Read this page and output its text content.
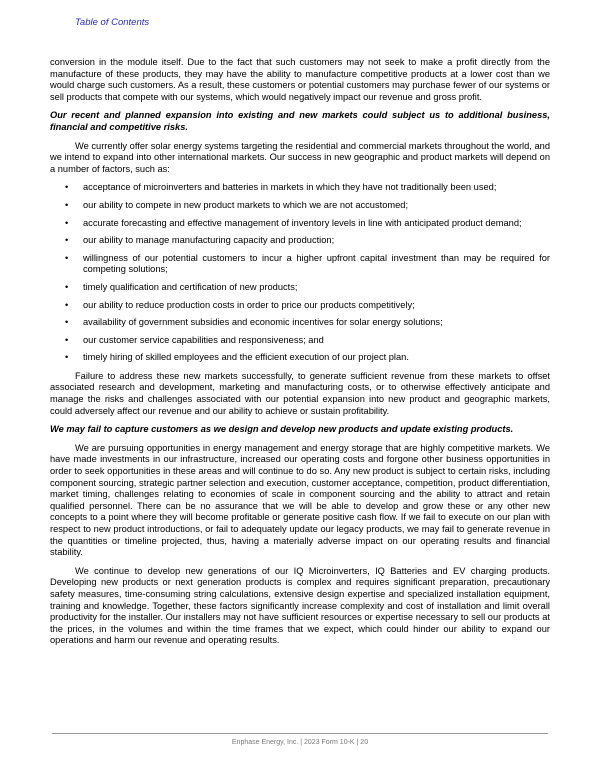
Table of Contents

conversion in the module itself. Due to the fact that such customers may not seek to make a profit directly from the manufacture of these products, they may have the ability to manufacture competitive products at a lower cost than we would charge such customers. As a result, these customers or potential customers may purchase fewer of our systems or sell products that compete with our systems, which would negatively impact our revenue and gross profit.

Our recent and planned expansion into existing and new markets could subject us to additional business, financial and competitive risks.

We currently offer solar energy systems targeting the residential and commercial markets throughout the world, and we intend to expand into other international markets. Our success in new geographic and product markets will depend on a number of factors, such as:

• acceptance of microinverters and batteries in markets in which they have not traditionally been used;
• our ability to compete in new product markets to which we are not accustomed;
• accurate forecasting and effective management of inventory levels in line with anticipated product demand;
• our ability to manage manufacturing capacity and production;
• willingness of our potential customers to incur a higher upfront capital investment than may be required for competing solutions;
• timely qualification and certification of new products;
• our ability to reduce production costs in order to price our products competitively;
• availability of government subsidies and economic incentives for solar energy solutions;
• our customer service capabilities and responsiveness; and
• timely hiring of skilled employees and the efficient execution of our project plan.

Failure to address these new markets successfully, to generate sufficient revenue from these markets to offset associated research and development, marketing and manufacturing costs, or to otherwise effectively anticipate and manage the risks and challenges associated with our potential expansion into new product and geographic markets, could adversely affect our revenue and our ability to achieve or sustain profitability.

We may fail to capture customers as we design and develop new products and update existing products.

We are pursuing opportunities in energy management and energy storage that are highly competitive markets. We have made investments in our infrastructure, increased our operating costs and forgone other business opportunities in order to seek opportunities in these areas and will continue to do so. Any new product is subject to certain risks, including component sourcing, strategic partner selection and execution, customer acceptance, competition, product differentiation, market timing, challenges relating to economies of scale in component sourcing and the ability to attract and retain qualified personnel. There can be no assurance that we will be able to develop and grow these or any other new concepts to a point where they will become profitable or generate positive cash flow. If we fail to execute on our plan with respect to new product introductions, or fail to adequately update our legacy products, we may fail to generate revenue in the quantities or timeline projected, thus, having a materially adverse impact on our operating results and financial stability.

We continue to develop new generations of our IQ Microinverters, IQ Batteries and EV charging products. Developing new products or next generation products is complex and requires significant preparation, precautionary safety measures, time-consuming string calculations, extensive design expertise and specialized installation equipment, training and knowledge. Together, these factors significantly increase complexity and cost of installation and limit overall productivity for the installer. Our installers may not have sufficient resources or expertise necessary to sell our products at the prices, in the volumes and within the time frames that we expect, which could hinder our ability to expand our operations and harm our revenue and operating results.

Enphase Energy, Inc. | 2023 Form 10-K | 20
